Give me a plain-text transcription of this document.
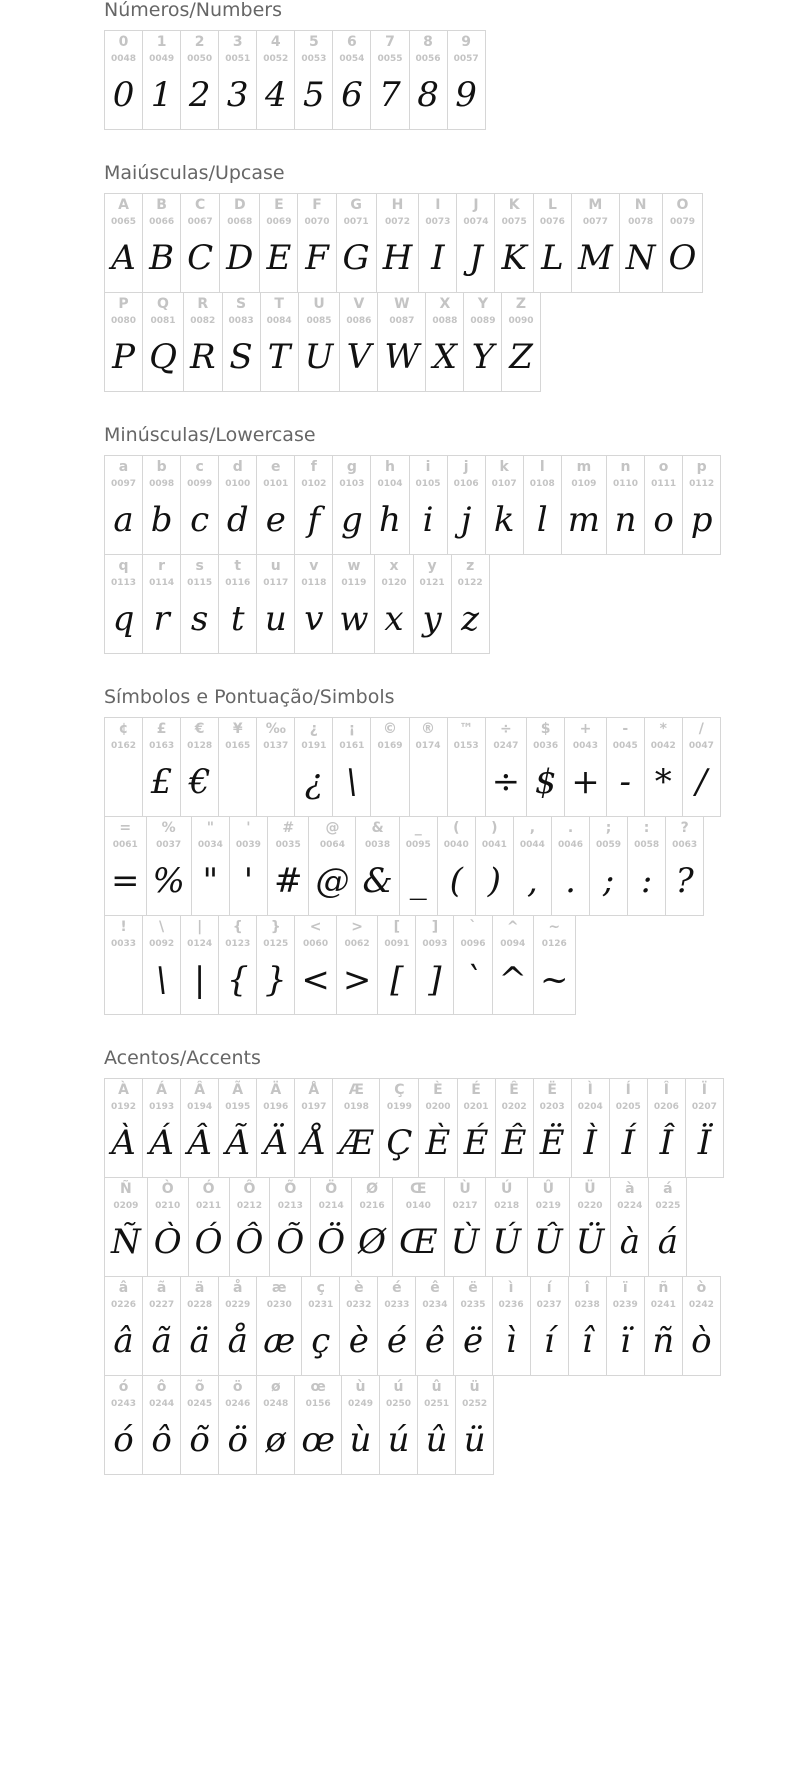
Números/Numbers
0
0048
0
1
0049
1
2
0050
2
3
0051
3
4
0052
4
5
0053
5
6
0054
6
7
0055
7
8
0056
8
9
0057
9
Maiúsculas/Upcase
A
0065
A
B
0066
B
C
0067
C
D
0068
D
E
0069
E
F
0070
F
G
0071
G
H
0072
H
I
0073
I
J
0074
J
K
0075
K
L
0076
L
M
0077
M
N
0078
N
O
0079
O
P
0080
P
Q
0081
Q
R
0082
R
S
0083
S
T
0084
T
U
0085
U
V
0086
V
W
0087
W
X
0088
X
Y
0089
Y
Z
0090
Z
Minúsculas/Lowercase
a
0097
a
b
0098
b
c
0099
c
d
0100
d
e
0101
e
f
0102
f
g
0103
g
h
0104
h
i
0105
i
j
0106
j
k
0107
k
l
0108
l
m
0109
m
n
0110
n
o
0111
o
p
0112
p
q
0113
q
r
0114
r
s
0115
s
t
0116
t
u
0117
u
v
0118
v
w
0119
w
x
0120
x
y
0121
y
z
0122
z
Símbolos e Pontuação/Simbols
¢
0162
£
0163
£
€
0128
€
¥
0165
‰
0137
¿
0191
¿
¡
0161
\
©
0169
®
0174
™
0153
÷
0247
÷
$
0036
$
+
0043
+
-
0045
-
*
0042
*
/
0047
/
=
0061
=
%
0037
%
"
0034
"
'
0039
'
#
0035
#
@
0064
@
&
0038
&
_
0095
_
(
0040
(
)
0041
)
,
0044
,
.
0046
.
;
0059
;
:
0058
:
?
0063
?
!
0033
\
0092
\
|
0124
|
{
0123
{
}
0125
}
<
0060
<
>
0062
>
[
0091
[
]
0093
]
`
0096
`
^
0094
^
~
0126
~
Acentos/Accents
À
0192
À
Á
0193
Á
Â
0194
Â
Ã
0195
Ã
Ä
0196
Ä
Å
0197
Å
Æ
0198
Æ
Ç
0199
Ç
È
0200
È
É
0201
É
Ê
0202
Ê
Ë
0203
Ë
Ì
0204
Ì
Í
0205
Í
Î
0206
Î
Ï
0207
Ï
Ñ
0209
Ñ
Ò
0210
Ò
Ó
0211
Ó
Ô
0212
Ô
Õ
0213
Õ
Ö
0214
Ö
Ø
0216
Ø
Œ
0140
Œ
Ù
0217
Ù
Ú
0218
Ú
Û
0219
Û
Ü
0220
Ü
à
0224
à
á
0225
á
â
0226
â
ã
0227
ã
ä
0228
ä
å
0229
å
æ
0230
æ
ç
0231
ç
è
0232
è
é
0233
é
ê
0234
ê
ë
0235
ë
ì
0236
ì
í
0237
í
î
0238
î
ï
0239
ï
ñ
0241
ñ
ò
0242
ò
ó
0243
ó
ô
0244
ô
õ
0245
õ
ö
0246
ö
ø
0248
ø
œ
0156
œ
ù
0249
ù
ú
0250
ú
û
0251
û
ü
0252
ü
